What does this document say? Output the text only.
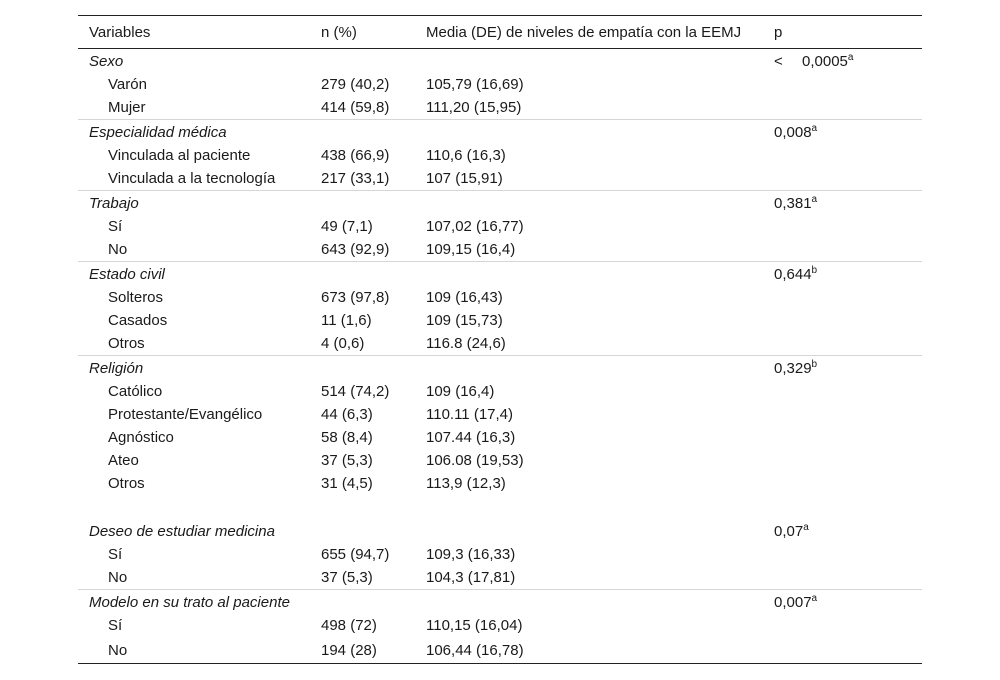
Variables	n (%)	Media (DE) de niveles de empatía con la EEMJ	p
Sexo			< 0,0005$^a$
Varón	279 (40,2)	105,79 (16,69)	
Mujer	414 (59,8)	111,20 (15,95)	
Especialidad médica			0,008$^a$
Vinculada al paciente	438 (66,9)	110,6 (16,3)	
Vinculada a la tecnología	217 (33,1)	107 (15,91)	
Trabajo			0,381$^a$
Sí	49 (7,1)	107,02 (16,77)	
No	643 (92,9)	109,15 (16,4)	
Estado civil			0,644$^b$
Solteros	673 (97,8)	109 (16,43)	
Casados	11 (1,6)	109 (15,73)	
Otros	4 (0,6)	116.8 (24,6)	
Religión			0,329$^b$
Católico	514 (74,2)	109 (16,4)	
Protestante/Evangélico	44 (6,3)	110.11 (17,4)	
Agnóstico	58 (8,4)	107.44 (16,3)	
Ateo	37 (5,3)	106.08 (19,53)	
Otros	31 (4,5)	113,9 (12,3)	

Deseo de estudiar medicina			0,07$^a$
Sí	655 (94,7)	109,3 (16,33)	
No	37 (5,3)	104,3 (17,81)	
Modelo en su trato al paciente			0,007$^a$
Sí	498 (72)	110,15 (16,04)	
No	194 (28)	106,44 (16,78)	
